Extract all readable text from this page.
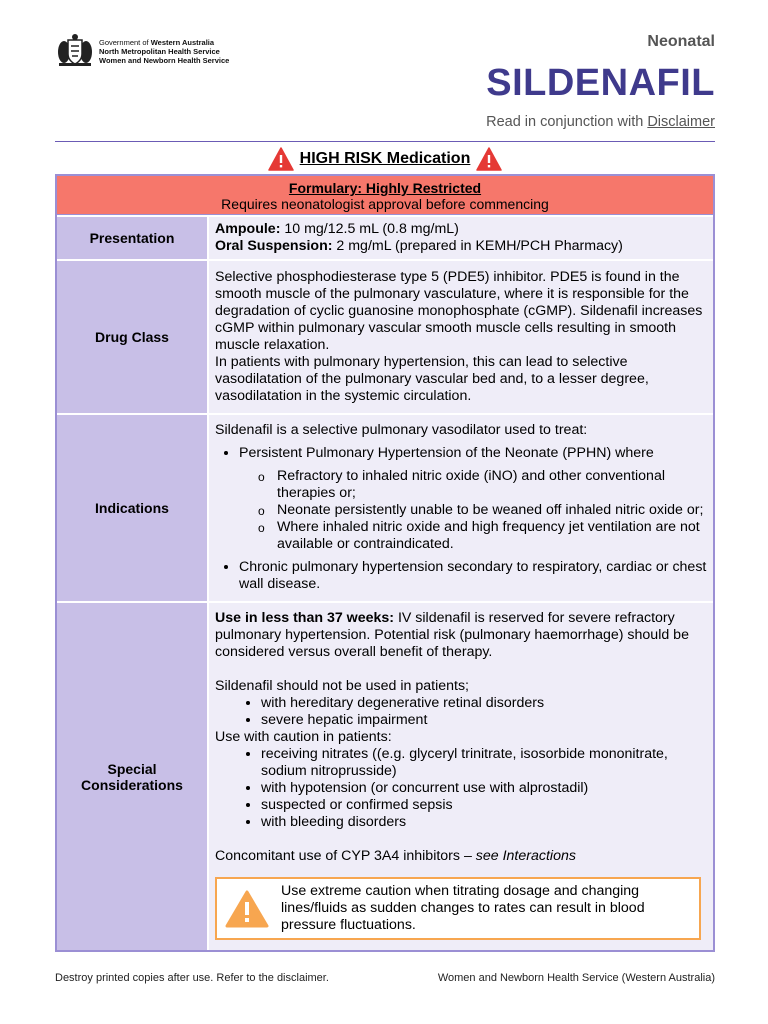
Government of Western Australia
North Metropolitan Health Service
Women and Newborn Health Service
Neonatal
SILDENAFIL
Read in conjunction with Disclaimer
HIGH RISK Medication
Formulary: Highly Restricted
Requires neonatologist approval before commencing
Presentation

Ampoule: 10 mg/12.5 mL (0.8 mg/mL)

Oral Suspension: 2 mg/mL (prepared in KEMH/PCH Pharmacy)

Drug Class

Selective phosphodiesterase type 5 (PDE5) inhibitor. PDE5 is found in the smooth muscle of the pulmonary vasculature, where it is responsible for the degradation of cyclic guanosine monophosphate (cGMP). Sildenafil increases cGMP within pulmonary vascular smooth muscle cells resulting in smooth muscle relaxation.

In patients with pulmonary hypertension, this can lead to selective vasodilatation of the pulmonary vascular bed and, to a lesser degree, vasodilatation in the systemic circulation.

Indications

Sildenafil is a selective pulmonary vasodilator used to treat:

• Persistent Pulmonary Hypertension of the Neonate (PPHN) where
o Refractory to inhaled nitric oxide (iNO) and other conventional therapies or;
o Neonate persistently unable to be weaned off inhaled nitric oxide or;
o Where inhaled nitric oxide and high frequency jet ventilation are not available or contraindicated.
• Chronic pulmonary hypertension secondary to respiratory, cardiac or chest wall disease.
Special Considerations

Use in less than 37 weeks: IV sildenafil is reserved for severe refractory pulmonary hypertension. Potential risk (pulmonary haemorrhage) should be considered versus overall benefit of therapy.

Sildenafil should not be used in patients;

• with hereditary degenerative retinal disorders
• severe hepatic impairment

Use with caution in patients:

• receiving nitrates ((e.g. glyceryl trinitrate, isosorbide mononitrate, sodium nitroprusside)
• with hypotension (or concurrent use with alprostadil)
• suspected or confirmed sepsis
• with bleeding disorders

Concomitant use of CYP 3A4 inhibitors – see Interactions

Use extreme caution when titrating dosage and changing lines/fluids as sudden changes to rates can result in blood pressure fluctuations.
Destroy printed copies after use. Refer to the disclaimer.	Women and Newborn Health Service (Western Australia)
